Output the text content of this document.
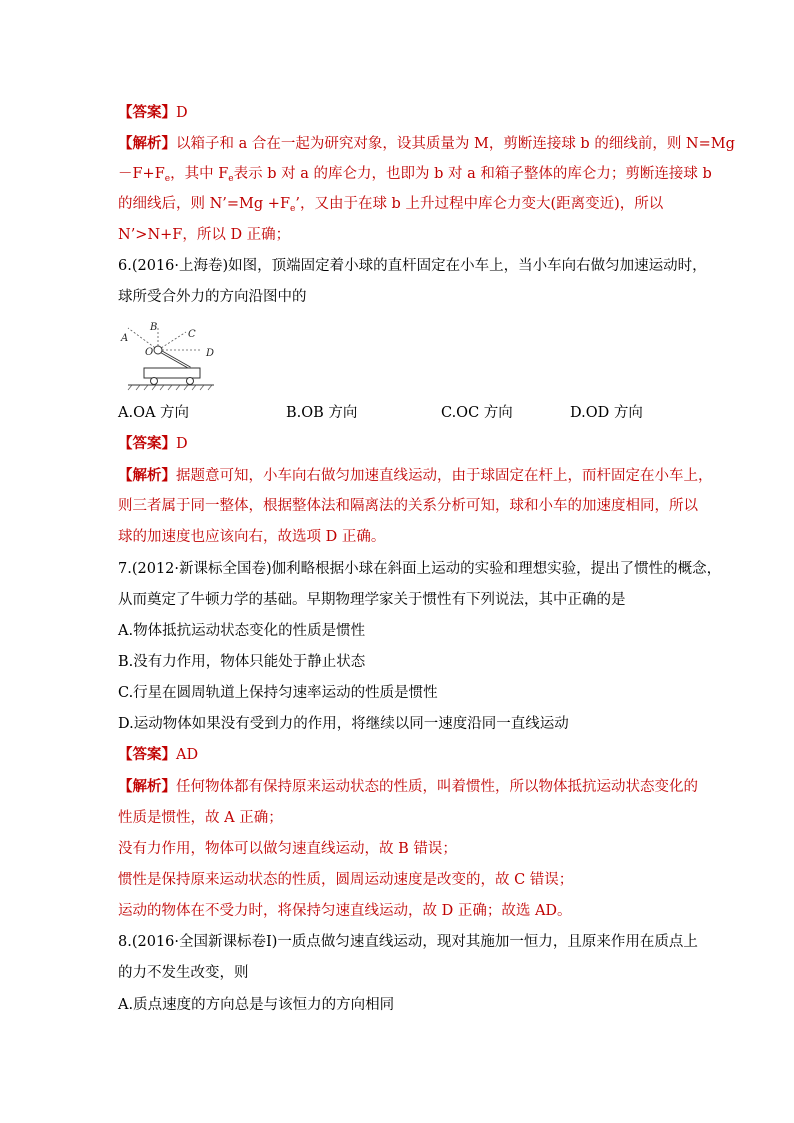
【答案】D
【解析】以箱子和 a 合在一起为研究对象，设其质量为 M，剪断连接球 b 的细线前，则 N=Mg
$-F+F_e$，其中 $F_e$表示 b 对 a 的库仑力，也即为 b 对 a 和箱子整体的库仑力；剪断连接球 b
的细线后，则 N’=Mg $+F_e$’，又由于在球 b 上升过程中库仑力变大(距离变近)，所以
N’>N+F，所以 D 正确；
6.(2016·上海卷)如图，顶端固定着小球的直杆固定在小车上，当小车向右做匀加速运动时，
球所受合外力的方向沿图中的
A
B
C
O	D
A.OA 方向	B.OB 方向	C.OC 方向	D.OD 方向
【答案】D
【解析】据题意可知，小车向右做匀加速直线运动，由于球固定在杆上，而杆固定在小车上，
则三者属于同一整体，根据整体法和隔离法的关系分析可知，球和小车的加速度相同，所以
球的加速度也应该向右，故选项 D 正确。
7.(2012·新课标全国卷)伽利略根据小球在斜面上运动的实验和理想实验，提出了惯性的概念，
从而奠定了牛顿力学的基础。早期物理学家关于惯性有下列说法，其中正确的是
A.物体抵抗运动状态变化的性质是惯性
B.没有力作用，物体只能处于静止状态
C.行星在圆周轨道上保持匀速率运动的性质是惯性
D.运动物体如果没有受到力的作用，将继续以同一速度沿同一直线运动
【答案】AD
【解析】任何物体都有保持原来运动状态的性质，叫着惯性，所以物体抵抗运动状态变化的
性质是惯性，故 A 正确；
没有力作用，物体可以做匀速直线运动，故 B 错误；
惯性是保持原来运动状态的性质，圆周运动速度是改变的，故 C 错误；
运动的物体在不受力时，将保持匀速直线运动，故 D 正确；故选 AD。
8.(2016·全国新课标卷Ⅰ)一质点做匀速直线运动，现对其施加一恒力，且原来作用在质点上
的力不发生改变，则
A.质点速度的方向总是与该恒力的方向相同
